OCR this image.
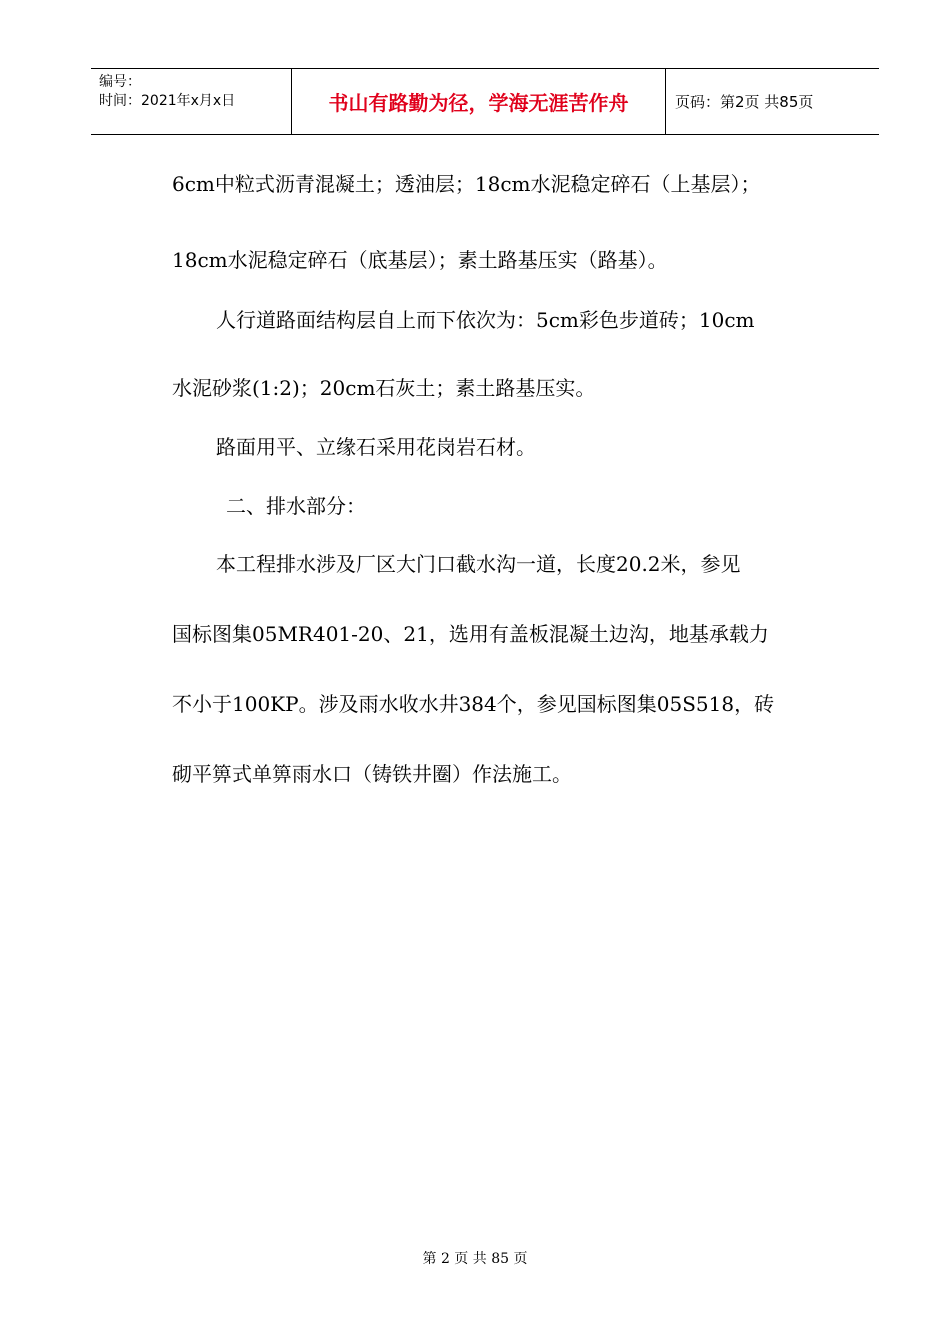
编号：
时间：2021年x月x日	书山有路勤为径，学海无涯苦作舟	页码：第2页 共85页
6cm中粒式沥青混凝土；透油层；18cm水泥稳定碎石（上基层）；
18cm水泥稳定碎石（底基层）；素土路基压实（路基）。
人行道路面结构层自上而下依次为：5cm彩色步道砖；10cm
水泥砂浆(1:2)；20cm石灰土；素土路基压实。
路面用平、立缘石采用花岗岩石材。
二、排水部分：
本工程排水涉及厂区大门口截水沟一道，长度20.2米，参见
国标图集05MR401-20、21，选用有盖板混凝土边沟，地基承载力
不小于100KP。涉及雨水收水井384个，参见国标图集05S518，砖
砌平箅式单箅雨水口（铸铁井圈）作法施工。
第 2 页 共 85 页
